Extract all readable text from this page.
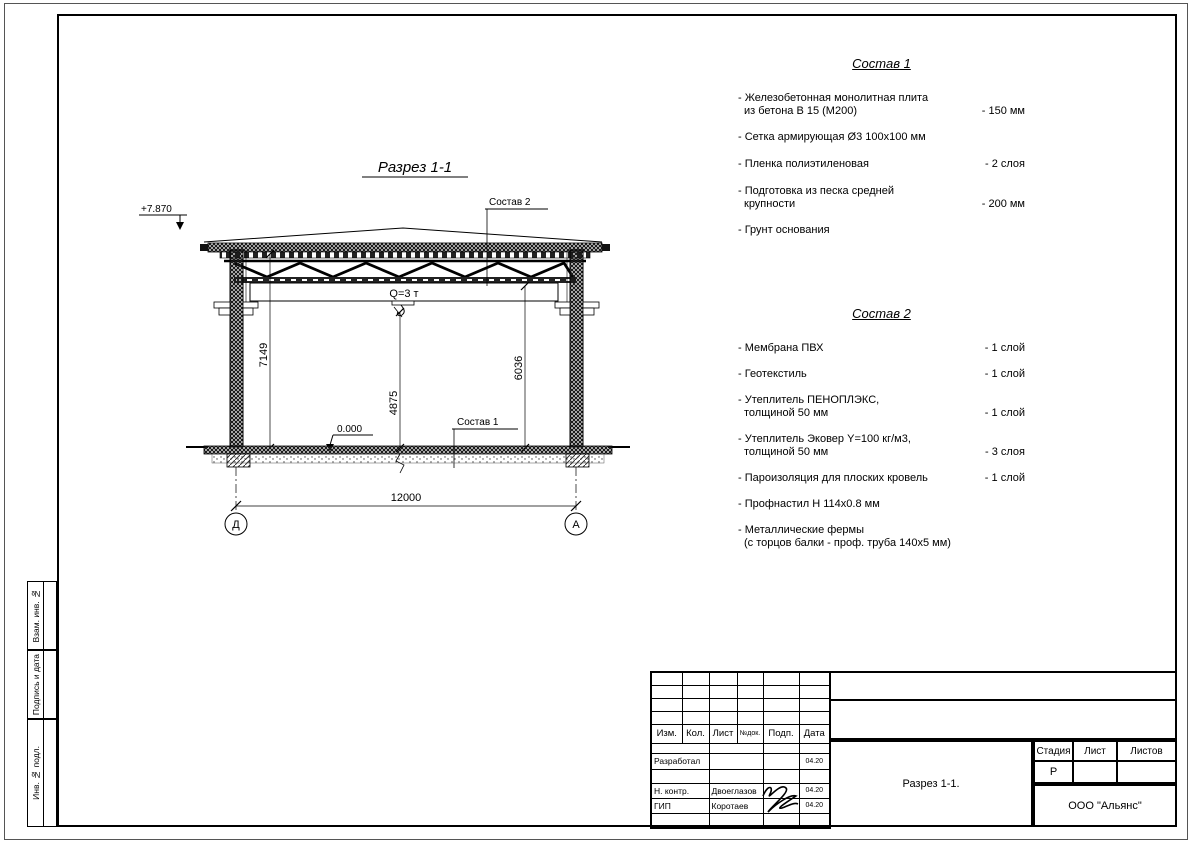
Разрез 1-1
+7.870
Q=3 т
7149
4875
6036
0.000
Состав 2
Состав 1
12000
Д	А
Состав 1
- Железобетонная монолитная плита
из бетона В 15 (М200)	- 150 мм
- Сетка армирующая Ø3 100х100 мм
- Пленка полиэтиленовая	- 2 слоя
- Подготовка из песка средней
крупности	- 200 мм
- Грунт основания
Состав 2
- Мембрана ПВХ	- 1 слой
- Геотекстиль	- 1 слой
- Утеплитель ПЕНОПЛЭКС,
толщиной 50 мм	- 1 слой
- Утеплитель Эковер Y=100 кг/м3,
толщиной 50 мм	- 3 слоя
- Пароизоляция для плоских кровель	- 1 слой
- Профнастил Н 114х0.8 мм
- Металлические фермы
(с торцов балки - проф. труба 140х5 мм)

Изм.	Кол.	Лист	№док.	Подп.	Дата

Разработал					04.20

Н. контр.		Двоеглазов			04.20
ГИП		Коротаев			04.20

Разрез 1-1.
Стадия Лист Листов
Р
ООО "Альянс"
Взам. инв. №
Подпись и дата
Инв. № подл.
